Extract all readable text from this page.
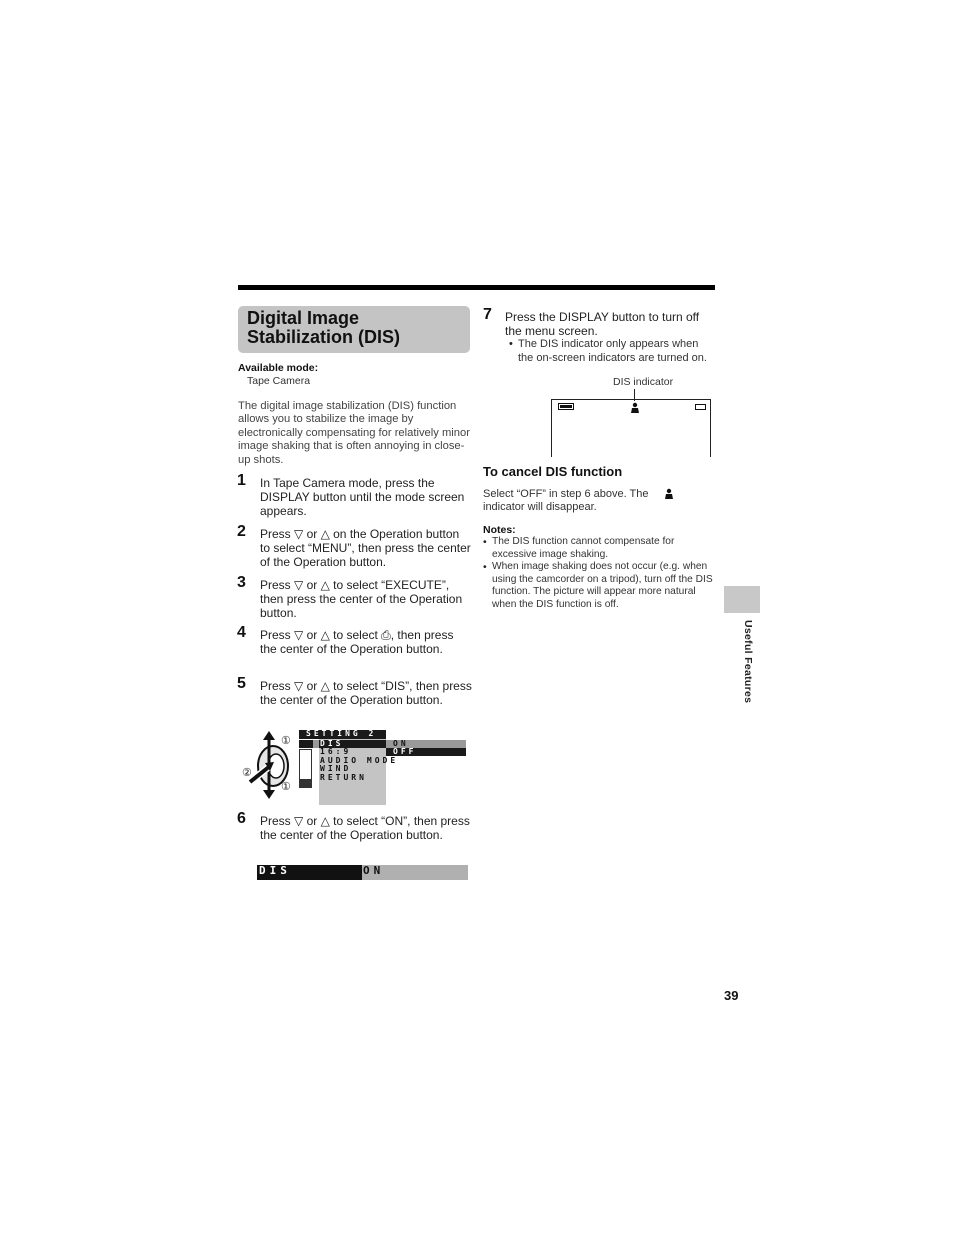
Digital Image Stabilization (DIS)
Available mode:
Tape Camera
The digital image stabilization (DIS) function allows you to stabilize the image by electronically compensating for relatively minor image shaking that is often annoying in close-up shots.
1 In Tape Camera mode, press the DISPLAY button until the mode screen appears.
2 Press ▽ or △ on the Operation button to select “MENU”, then press the center of the Operation button.
3 Press ▽ or △ to select “EXECUTE”, then press the center of the Operation button.
4 Press ▽ or △ to select ⎙, then press the center of the Operation button.
5 Press ▽ or △ to select “DIS”, then press the center of the Operation button.
①
②
①
SETTING 2
DIS
16:9
AUDIO MODE
WIND
RETURN
ON
OFF
6 Press ▽ or △ to select “ON”, then press the center of the Operation button.
DIS	ON
7 Press the DISPLAY button to turn off the menu screen.
• The DIS indicator only appears when the on-screen indicators are turned on.
DIS indicator
To cancel DIS function
Select “OFF” in step 6 above. The
indicator will disappear.
Notes:
• The DIS function cannot compensate for excessive image shaking.
• When image shaking does not occur (e.g. when using the camcorder on a tripod), turn off the DIS function. The picture will appear more natural when the DIS function is off.
Useful Features
39
